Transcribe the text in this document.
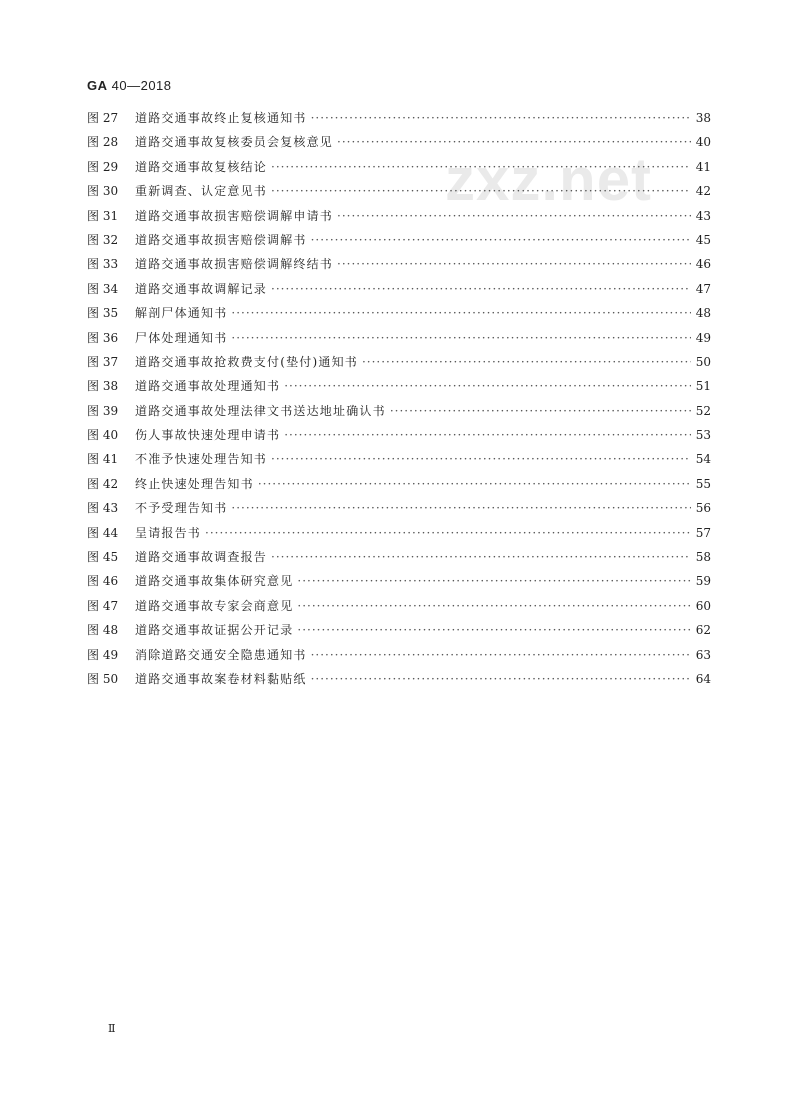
GA 40—2018
zxz.net
图 27	道路交通事故终止复核通知书 ·····	38
图 28	道路交通事故复核委员会复核意见 ·····	40
图 29	道路交通事故复核结论 ·····	41
图 30	重新调查、认定意见书 ·····	42
图 31	道路交通事故损害赔偿调解申请书 ·····	43
图 32	道路交通事故损害赔偿调解书 ·····	45
图 33	道路交通事故损害赔偿调解终结书 ·····	46
图 34	道路交通事故调解记录 ·····	47
图 35	解剖尸体通知书 ·····	48
图 36	尸体处理通知书 ·····	49
图 37	道路交通事故抢救费支付(垫付)通知书 ·····	50
图 38	道路交通事故处理通知书 ·····	51
图 39	道路交通事故处理法律文书送达地址确认书 ·····	52
图 40	伤人事故快速处理申请书 ·····	53
图 41	不准予快速处理告知书 ·····	54
图 42	终止快速处理告知书 ·····	55
图 43	不予受理告知书 ·····	56
图 44	呈请报告书 ·····	57
图 45	道路交通事故调查报告 ·····	58
图 46	道路交通事故集体研究意见 ·····	59
图 47	道路交通事故专家会商意见 ·····	60
图 48	道路交通事故证据公开记录 ·····	62
图 49	消除道路交通安全隐患通知书 ·····	63
图 50	道路交通事故案卷材料黏贴纸 ·····	64
Ⅱ
